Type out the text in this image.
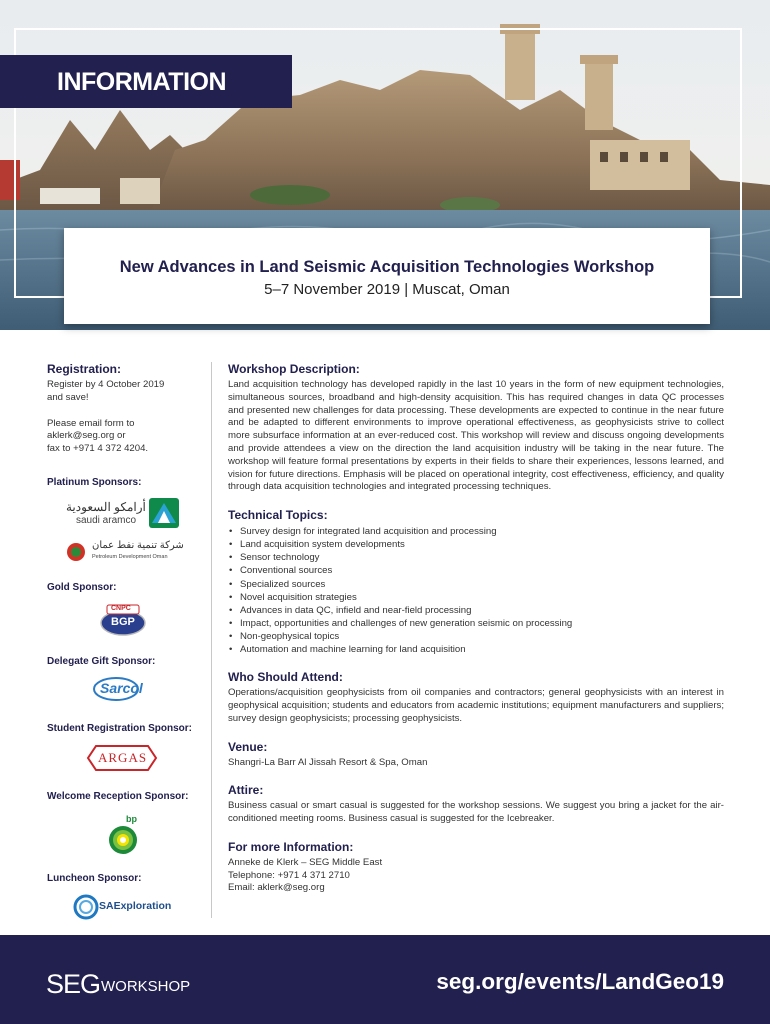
INFORMATION
New Advances in Land Seismic Acquisition Technologies Workshop
5–7 November 2019 | Muscat, Oman
Registration:

Register by 4 October 2019

and save!

Please email form to

aklerk@seg.org or

fax to +971 4 372 4204.

Platinum Sponsors:
أرامكو السعودية
saudi aramco
شركة تنمية نفط عمان
Petroleum Development Oman
Gold Sponsor:
CNPC
BGP
Delegate Gift Sponsor:
Sarcol
Student Registration Sponsor:
ARGAS
Welcome Reception Sponsor:
bp
Luncheon Sponsor:
SAExploration
Workshop Description:

Land acquisition technology has developed rapidly in the last 10 years in the form of new equipment technologies, simultaneous sources, broadband and high-density acquisition. This has required changes in data QC processes and presented new challenges for data processing. These developments are expected to continue in the near future and be adapted to different environments to improve operational effectiveness, as geophysicists strive to collect more subsurface information at an ever-reduced cost. This workshop will review and discuss ongoing developments and provide attendees a view on the direction the land acquisition industry will be taking in the near future. The workshop will feature formal presentations by experts in their fields to share their experiences, lessons learned, and vision for future directions. Emphasis will be placed on operational integrity, cost effectiveness, efficiency, and quality through data acquisition technologies and integrated processing techniques.

Technical Topics:
• Survey design for integrated land acquisition and processing
• Land acquisition system developments
• Sensor technology
• Conventional sources
• Specialized sources
• Novel acquisition strategies
• Advances in data QC, infield and near-field processing
• Impact, opportunities and challenges of new generation seismic on processing
• Non-geophysical topics
• Automation and machine learning for land acquisition
Who Should Attend:

Operations/acquisition geophysicists from oil companies and contractors; general geophysicists with an interest in geophysical acquisition; students and educators from academic institutions; equipment manufacturers and suppliers; survey design geophysicists; processing geophysicists.

Venue:

Shangri-La Barr Al Jissah Resort & Spa, Oman

Attire:

Business casual or smart casual is suggested for the workshop sessions. We suggest you bring a jacket for the air-conditioned meeting rooms. Business casual is suggested for the Icebreaker.

For more Information:

Anneke de Klerk – SEG Middle East

Telephone: +971 4 371 2710

Email: aklerk@seg.org

SEG WORKSHOP	seg.org/events/LandGeo19
